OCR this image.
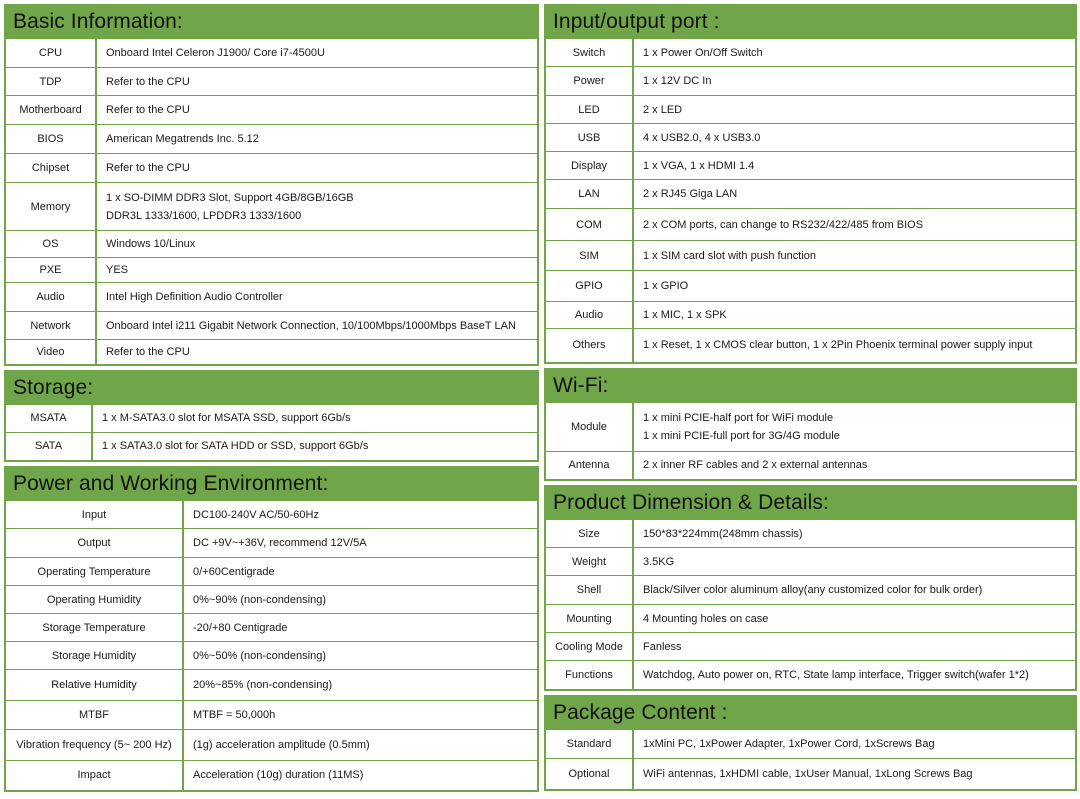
Basic Information:
CPU	Onboard Intel Celeron J1900/ Core i7-4500U

TDP	Refer to the CPU

Motherboard	Refer to the CPU

BIOS	American Megatrends Inc. 5.12

Chipset	Refer to the CPU

Memory	1 x SO-DIMM DDR3 Slot, Support 4GB/8GB/16GB
DDR3L 1333/1600, LPDDR3 1333/1600

OS	Windows 10/Linux

PXE	YES

Audio	Intel High Definition Audio Controller

Network	Onboard Intel i211 Gigabit Network Connection, 10/100Mbps/1000Mbps BaseT LAN

Video	Refer to the CPU
Storage:
MSATA	1 x M-SATA3.0 slot for MSATA SSD, support 6Gb/s

SATA	1 x SATA3.0 slot for SATA HDD or SSD, support 6Gb/s
Power and Working Environment:
Input	DC100-240V AC/50-60Hz

Output	DC +9V~+36V, recommend 12V/5A

Operating Temperature	0/+60Centigrade

Operating Humidity	0%~90% (non-condensing)

Storage Temperature	-20/+80 Centigrade

Storage Humidity	0%~50% (non-condensing)

Relative Humidity	20%~85% (non-condensing)

MTBF	MTBF = 50,000h

Vibration frequency (5~ 200 Hz)	(1g) acceleration amplitude (0.5mm)

Impact	Acceleration (10g) duration (11MS)
Input/output port :
Switch	1 x Power On/Off Switch

Power	1 x 12V DC In

LED	2 x LED

USB	4 x USB2.0, 4 x USB3.0

Display	1 x VGA, 1 x HDMI 1.4

LAN	2 x RJ45 Giga LAN

COM	2 x COM ports, can change to RS232/422/485 from BIOS

SIM	1 x SIM card slot with push function

GPIO	1 x GPIO

Audio	1 x MIC, 1 x SPK

Others	1 x Reset, 1 x CMOS clear button, 1 x 2Pin Phoenix terminal power supply input
Wi-Fi:
Module	1 x mini PCIE-half port for WiFi module
1 x mini PCIE-full port for 3G/4G module

Antenna	2 x inner RF cables and 2 x external antennas
Product Dimension & Details:
Size	150*83*224mm(248mm chassis)

Weight	3.5KG

Shell	Black/Silver color aluminum alloy(any customized color for bulk order)

Mounting	4 Mounting holes on case

Cooling Mode	Fanless

Functions	Watchdog, Auto power on, RTC, State lamp interface, Trigger switch(wafer 1*2)
Package Content :
Standard	1xMini PC, 1xPower Adapter, 1xPower Cord, 1xScrews Bag

Optional	WiFi antennas, 1xHDMI cable, 1xUser Manual, 1xLong Screws Bag
